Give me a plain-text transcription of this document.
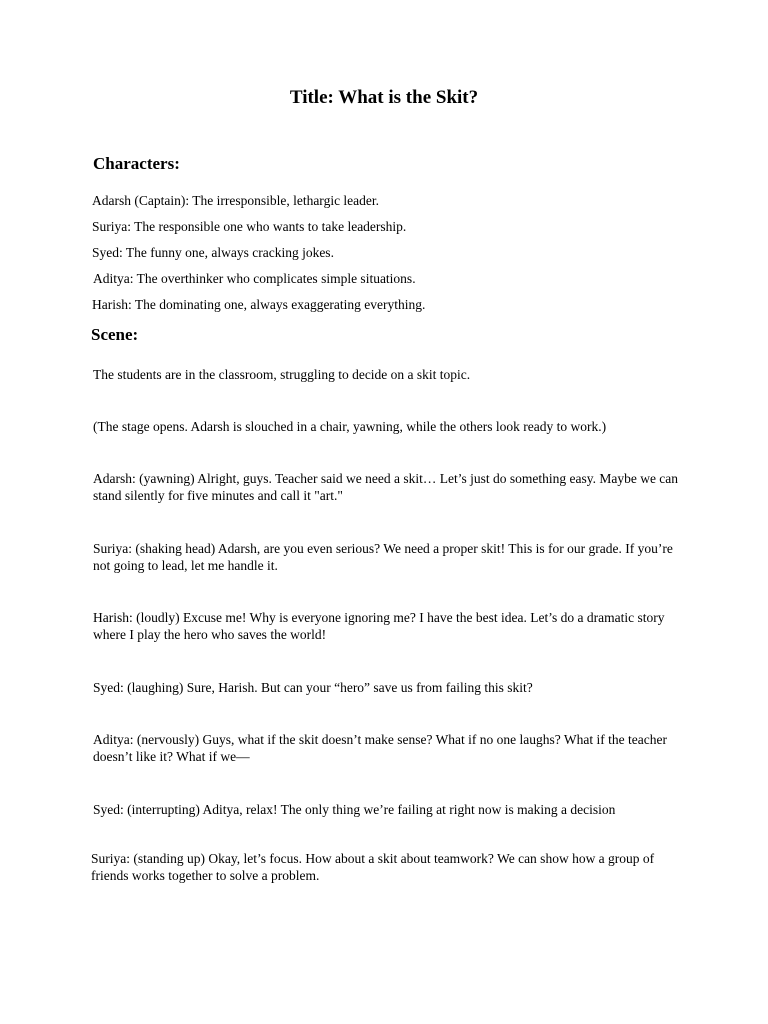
Title: What is the Skit?
Characters:
Adarsh (Captain): The irresponsible, lethargic leader.
Suriya: The responsible one who wants to take leadership.
Syed: The funny one, always cracking jokes.
Aditya: The overthinker who complicates simple situations.
Harish: The dominating one, always exaggerating everything.
Scene:
The students are in the classroom, struggling to decide on a skit topic.
(The stage opens. Adarsh is slouched in a chair, yawning, while the others look ready to work.)
Adarsh: (yawning) Alright, guys. Teacher said we need a skit… Let’s just do something easy. Maybe we can stand silently for five minutes and call it "art."
Suriya: (shaking head) Adarsh, are you even serious? We need a proper skit! This is for our grade. If you’re not going to lead, let me handle it.
Harish: (loudly) Excuse me! Why is everyone ignoring me? I have the best idea. Let’s do a dramatic story where I play the hero who saves the world!
Syed: (laughing) Sure, Harish. But can your “hero” save us from failing this skit?
Aditya: (nervously) Guys, what if the skit doesn’t make sense? What if no one laughs? What if the teacher doesn’t like it? What if we—
Syed: (interrupting) Aditya, relax! The only thing we’re failing at right now is making a decision
Suriya: (standing up) Okay, let’s focus. How about a skit about teamwork? We can show how a group of friends works together to solve a problem.
